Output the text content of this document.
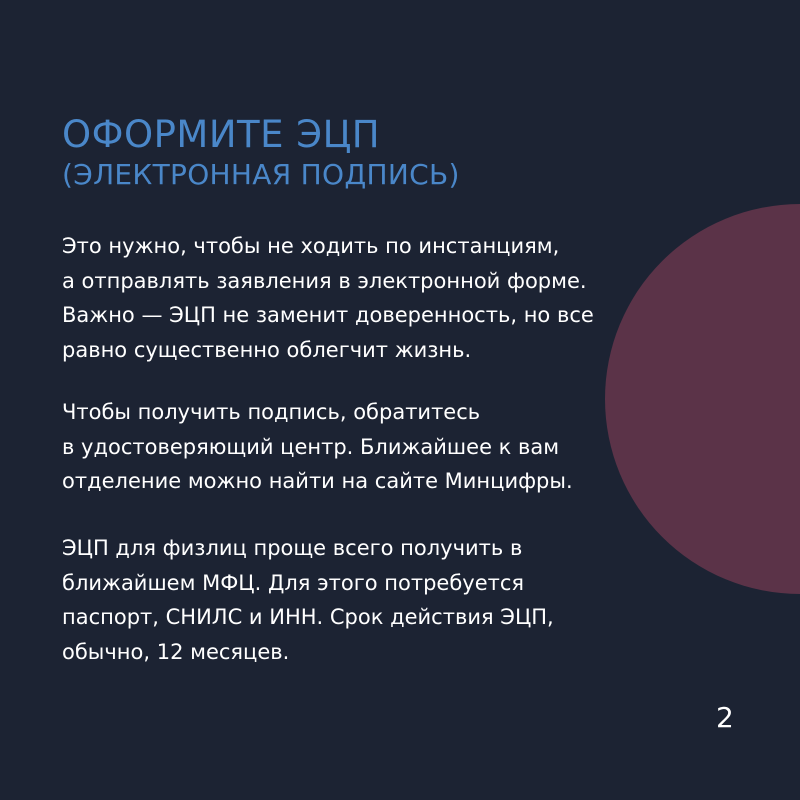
ОФОРМИТЕ ЭЦП
(ЭЛЕКТРОННАЯ ПОДПИСЬ)

Это нужно, чтобы не ходить по инстанциям,
а отправлять заявления в электронной форме.
Важно — ЭЦП не заменит доверенность, но все
равно существенно облегчит жизнь.

Чтобы получить подпись, обратитесь
в удостоверяющий центр. Ближайшее к вам
отделение можно найти на сайте Минцифры.

ЭЦП для физлиц проще всего получить в
ближайшем МФЦ. Для этого потребуется
паспорт, СНИЛС и ИНН. Срок действия ЭЦП,
обычно, 12 месяцев.

2
